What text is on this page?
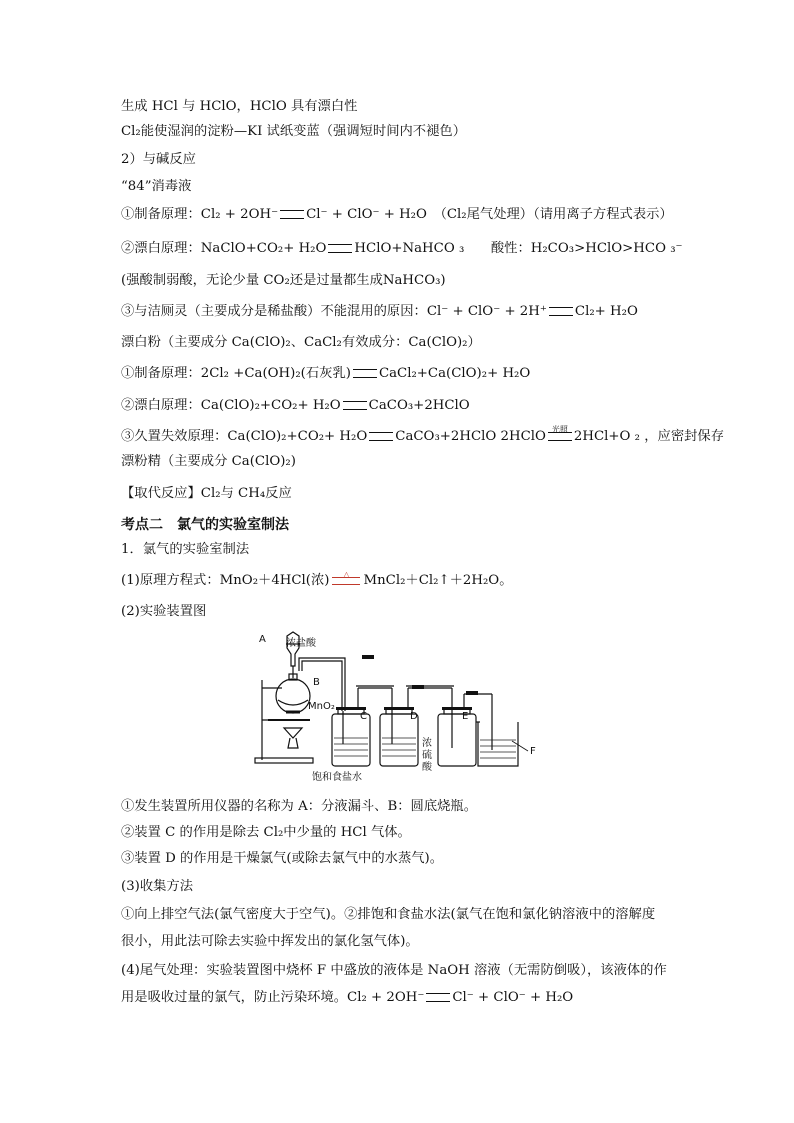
生成 HCl 与 HClO，HClO 具有漂白性
Cl₂能使湿润的淀粉—KI 试纸变蓝（强调短时间内不褪色）
2）与碱反应
“84”消毒液
①制备原理：Cl₂ + 2OH⁻ Cl⁻ + ClO⁻ + H₂O　（Cl₂尾气处理）（请用离子方程式表示）
②漂白原理：NaClO+CO₂+ H₂O HClO+NaHCO ₃　　酸性：H₂CO₃>HClO>HCO ₃⁻
(强酸制弱酸，无论少量 CO₂还是过量都生成NaHCO₃)
③与洁厕灵（主要成分是稀盐酸）不能混用的原因：Cl⁻ + ClO⁻ + 2H⁺ Cl₂+ H₂O
漂白粉（主要成分 Ca(ClO)₂、CaCl₂有效成分：Ca(ClO)₂）
①制备原理：2Cl₂ +Ca(OH)₂(石灰乳) CaCl₂+Ca(ClO)₂+ H₂O
②漂白原理：Ca(ClO)₂+CO₂+ H₂O CaCO₃+2HClO
③久置失效原理：Ca(ClO)₂+CO₂+ H₂O CaCO₃+2HClO 2HClO 光照 2HCl+O ₂ ，应密封保存
漂粉精（主要成分 Ca(ClO)₂)
【取代反应】Cl₂与 CH₄反应
考点二　氯气的实验室制法
1．氯气的实验室制法
(1)原理方程式：MnO₂＋4HCl(浓)	△	MnCl₂＋Cl₂↑＋2H₂O。
(2)实验装置图
A
B
C	D	E
F
浓盐酸
MnO₂
饱和食盐水
浓
硫
酸
①发生装置所用仪器的名称为 A：分液漏斗、B：圆底烧瓶。
②装置 C 的作用是除去 Cl₂中少量的 HCl 气体。
③装置 D 的作用是干燥氯气(或除去氯气中的水蒸气)。
(3)收集方法
①向上排空气法(氯气密度大于空气)。②排饱和食盐水法(氯气在饱和氯化钠溶液中的溶解度
很小，用此法可除去实验中挥发出的氯化氢气体)。
(4)尾气处理：实验装置图中烧杯 F 中盛放的液体是 NaOH 溶液（无需防倒吸），该液体的作
用是吸收过量的氯气，防止污染环境。Cl₂ + 2OH⁻ Cl⁻ + ClO⁻ + H₂O
